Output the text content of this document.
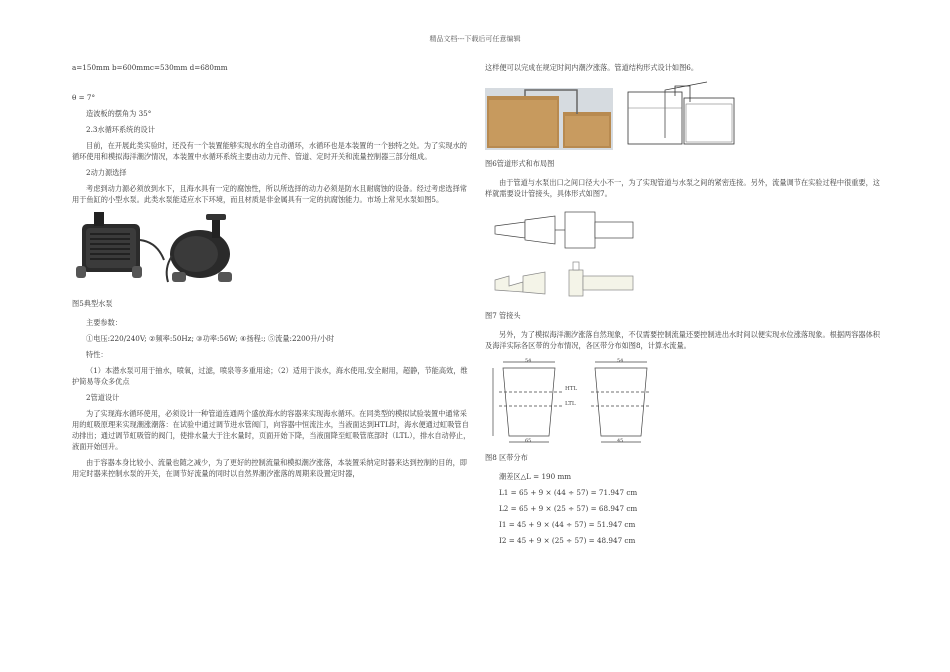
精品文档---下载后可任意编辑

a=150mm b=600mmc=530mm d=680mm

θ = 7°

造波板的摆角为 35°

2.3水循环系统的设计

目前，在开展此类实验时，还没有一个装置能够实现水的全自动循环，水循环也是本装置的一个独特之处。为了实现水的循环使用和模拟海洋潮汐情况，本装置中水循环系统主要由动力元件、管道、定时开关和流量控制器三部分组成。

2动力源选择

考虑到动力源必须放到水下，且海水具有一定的腐蚀性，所以所选择的动力必须是防水且耐腐蚀的设备。经过考虑选择常用于鱼缸的小型水泵。此类水泵能适应水下环境，而且材质是非金属具有一定的抗腐蚀能力。市场上常见水泵如图5。

图5典型水泵

主要参数：

①电压:220/240V; ②频率:50Hz; ③功率:56W; ④扬程:; ⑤流量:2200升/小时

特性：

（1）本潜水泵可用于抽水，喷氧，过滤，喷泉等多重用途；（2）适用于淡水，海水使用,安全耐用，超静，节能高效，维护简易等众多优点

2管道设计

为了实现海水循环使用，必须设计一种管道连通两个盛放海水的容器来实现海水循环。在同类型的模拟试验装置中通常采用的虹吸原理来实现潮涨潮落：在试验中通过调节进水管阀门，向容器中恒流注水，当液面达到HTL时，海水便通过虹吸管自动排出；通过调节虹吸管的阀门，使排水量大于注水量时，页面开始下降，当液面降至虹吸管底部时（LTL），排水自动停止，液面开始回升。

由于容器本身比较小、流量也随之减少，为了更好的控制流量和模拟潮汐涨落，本装置采纳定时器来达到控制的目的，即用定时器来控制水泵的开关，在调节好流量的同时以自然界潮汐涨落的周期来设置定时器，

这样便可以完成在规定时间内潮汐涨落。管道结构形式设计如图6。

图6管道形式和布局图

由于管道与水泵出口之间口径大小不一，为了实现管道与水泵之间的紧密连接。另外，流量调节在实验过程中很重要，这样就需要设计管接头，具体形式如图7。

图7 管接头

另外，为了模拟海洋潮汐涨落自然现象，不仅需要控制流量还要控制进出水时间以便实现水位涨落现象。根据两容器体积及海洋实际各区带的分布情况，各区带分布如图8，计算水流量。

HTL
LTL
54
65
54
45

图8 区带分布

潮差区△L = 190 mm

L1 = 65 + 9 × (44 ÷ 57) = 71.947 cm

L2 = 65 + 9 × (25 ÷ 57) = 68.947 cm

I1 = 45 + 9 × (44 ÷ 57) = 51.947 cm

I2 = 45 + 9 × (25 ÷ 57) = 48.947 cm
